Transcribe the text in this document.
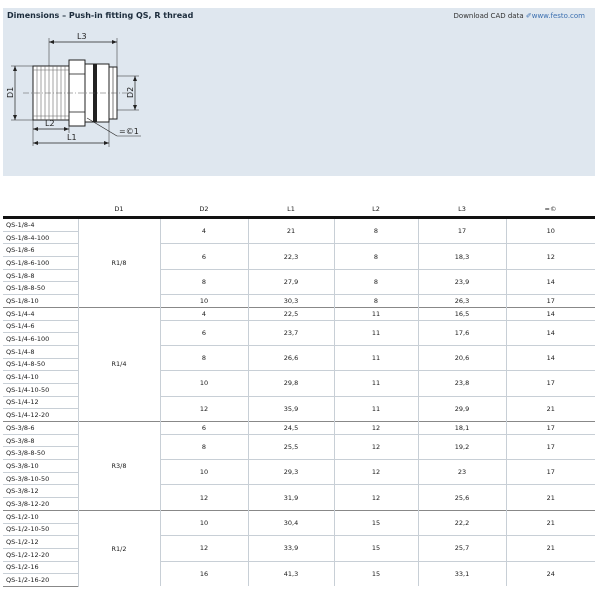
Dimensions – Push-in fitting QS, R thread	Download CAD data ✐www.festo.com
L3
D1	D2
L2
L1
=©1
	D1	D2	L1	L2	L3	=©
QS-1/8-4	R1/8	4	21	8	17	10
QS-1/8-4-100						
QS-1/8-6		6	22,3	8	18,3	12
QS-1/8-6-100						
QS-1/8-8		8	27,9	8	23,9	14
QS-1/8-8-50						
QS-1/8-10		10	30,3	8	26,3	17
QS-1/4-4	R1/4	4	22,5	11	16,5	14
QS-1/4-6		6	23,7	11	17,6	14
QS-1/4-6-100						
QS-1/4-8		8	26,6	11	20,6	14
QS-1/4-8-50						
QS-1/4-10		10	29,8	11	23,8	17
QS-1/4-10-50						
QS-1/4-12		12	35,9	11	29,9	21
QS-1/4-12-20						
QS-3/8-6	R3/8	6	24,5	12	18,1	17
QS-3/8-8		8	25,5	12	19,2	17
QS-3/8-8-50						
QS-3/8-10		10	29,3	12	23	17
QS-3/8-10-50						
QS-3/8-12		12	31,9	12	25,6	21
QS-3/8-12-20						
QS-1/2-10	R1/2	10	30,4	15	22,2	21
QS-1/2-10-50						
QS-1/2-12		12	33,9	15	25,7	21
QS-1/2-12-20						
QS-1/2-16		16	41,3	15	33,1	24
QS-1/2-16-20						
